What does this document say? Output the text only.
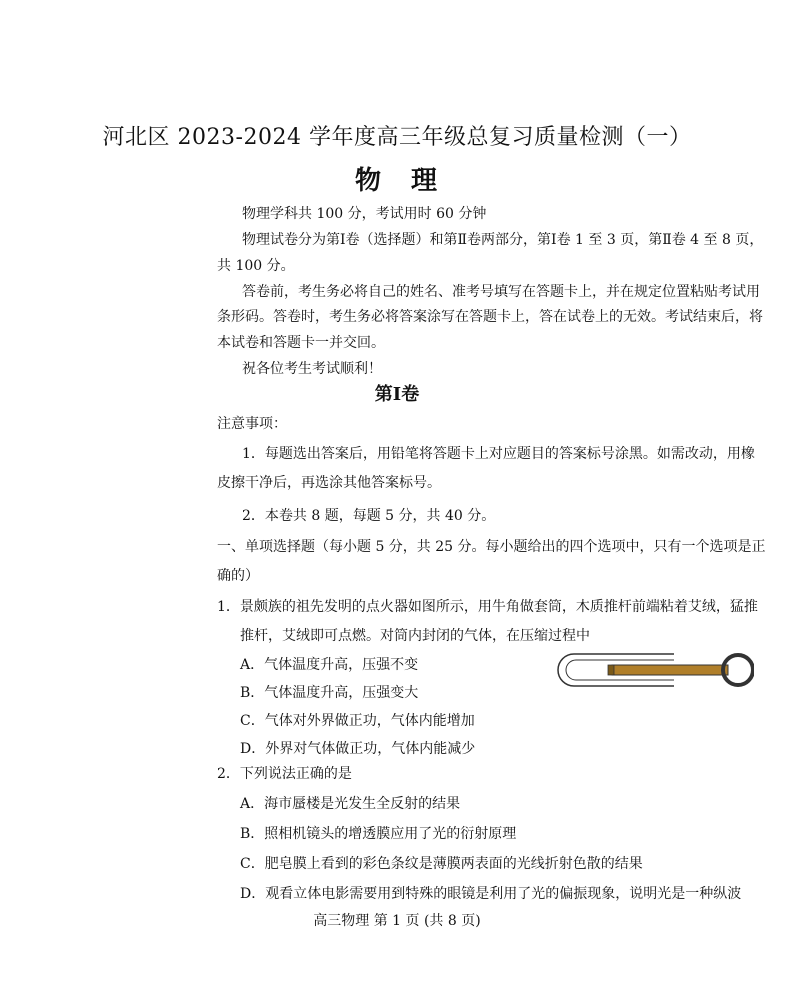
河北区 2023-2024 学年度高三年级总复习质量检测（一）
物　理
物理学科共 100 分，考试用时 60 分钟
物理试卷分为第Ⅰ卷（选择题）和第Ⅱ卷两部分，第Ⅰ卷 1 至 3 页，第Ⅱ卷 4 至 8 页，
共 100 分。
答卷前，考生务必将自己的姓名、准考号填写在答题卡上，并在规定位置粘贴考试用
条形码。答卷时，考生务必将答案涂写在答题卡上，答在试卷上的无效。考试结束后，将
本试卷和答题卡一并交回。
祝各位考生考试顺利！
第Ⅰ卷
注意事项：
1．每题选出答案后，用铅笔将答题卡上对应题目的答案标号涂黑。如需改动，用橡
皮擦干净后，再选涂其他答案标号。
2．本卷共 8 题，每题 5 分，共 40 分。
一、单项选择题（每小题 5 分，共 25 分。每小题给出的四个选项中，只有一个选项是正
确的）
1．景颇族的祖先发明的点火器如图所示，用牛角做套筒，木质推杆前端粘着艾绒，猛推
推杆，艾绒即可点燃。对筒内封闭的气体，在压缩过程中
A．气体温度升高，压强不变
B．气体温度升高，压强变大
C．气体对外界做正功，气体内能增加
D．外界对气体做正功，气体内能减少
2．下列说法正确的是
A．海市蜃楼是光发生全反射的结果
B．照相机镜头的增透膜应用了光的衍射原理
C．肥皂膜上看到的彩色条纹是薄膜两表面的光线折射色散的结果
D．观看立体电影需要用到特殊的眼镜是利用了光的偏振现象，说明光是一种纵波
高三物理 第 1 页 (共 8 页)
